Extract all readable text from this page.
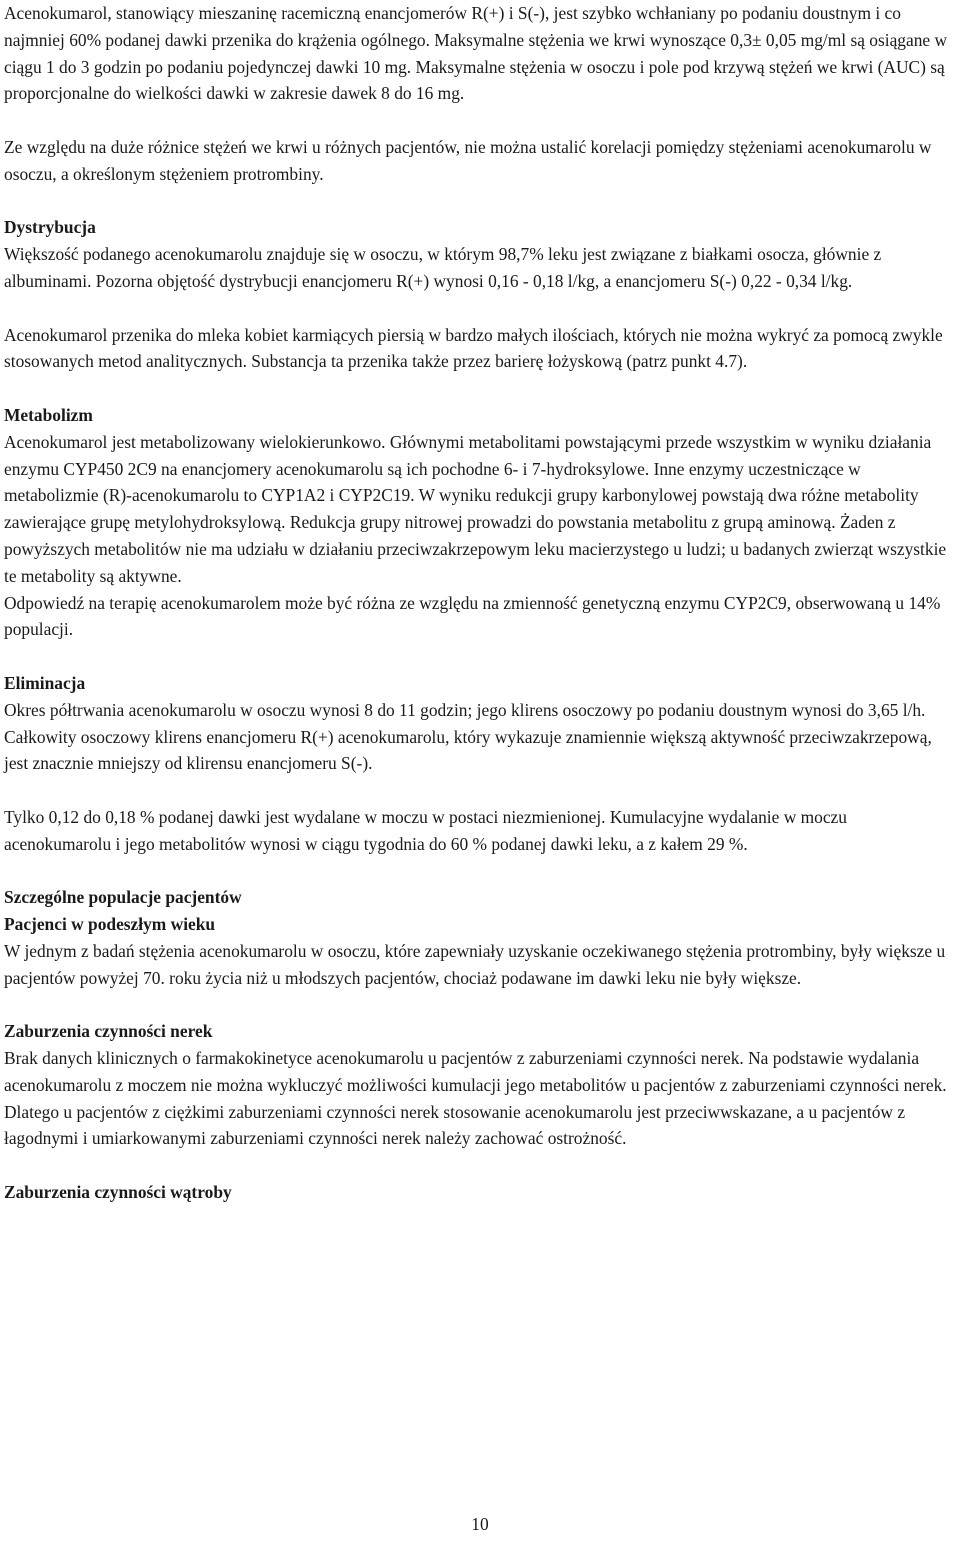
Acenokumarol, stanowiący mieszaninę racemiczną enancjomerów R(+) i S(-), jest szybko wchłaniany po podaniu doustnym i co najmniej 60% podanej dawki przenika do krążenia ogólnego. Maksymalne stężenia we krwi wynoszące 0,3± 0,05 mg/ml są osiągane w ciągu 1 do 3 godzin po podaniu pojedynczej dawki 10 mg. Maksymalne stężenia w osoczu i pole pod krzywą stężeń we krwi (AUC) są proporcjonalne do wielkości dawki w zakresie dawek 8 do 16 mg.

Ze względu na duże różnice stężeń we krwi u różnych pacjentów, nie można ustalić korelacji pomiędzy stężeniami acenokumarolu w osoczu, a określonym stężeniem protrombiny.

Dystrybucja

Większość podanego acenokumarolu znajduje się w osoczu, w którym 98,7% leku jest związane z białkami osocza, głównie z albuminami. Pozorna objętość dystrybucji enancjomeru R(+) wynosi 0,16 - 0,18 l/kg, a enancjomeru S(-) 0,22 - 0,34 l/kg.

Acenokumarol przenika do mleka kobiet karmiących piersią w bardzo małych ilościach, których nie można wykryć za pomocą zwykle stosowanych metod analitycznych. Substancja ta przenika także przez barierę łożyskową (patrz punkt 4.7).

Metabolizm

Acenokumarol jest metabolizowany wielokierunkowo. Głównymi metabolitami powstającymi przede wszystkim w wyniku działania enzymu CYP450 2C9 na enancjomery acenokumarolu są ich pochodne 6- i 7-hydroksylowe. Inne enzymy uczestniczące w metabolizmie (R)-acenokumarolu to CYP1A2 i CYP2C19. W wyniku redukcji grupy karbonylowej powstają dwa różne metabolity zawierające grupę metylohydroksylową. Redukcja grupy nitrowej prowadzi do powstania metabolitu z grupą aminową. Żaden z powyższych metabolitów nie ma udziału w działaniu przeciwzakrzepowym leku macierzystego u ludzi; u badanych zwierząt wszystkie te metabolity są aktywne.

Odpowiedź na terapię acenokumarolem może być różna ze względu na zmienność genetyczną enzymu CYP2C9, obserwowaną u 14% populacji.

Eliminacja

Okres półtrwania acenokumarolu w osoczu wynosi 8 do 11 godzin; jego klirens osoczowy po podaniu doustnym wynosi do 3,65 l/h. Całkowity osoczowy klirens enancjomeru R(+) acenokumarolu, który wykazuje znamiennie większą aktywność przeciwzakrzepową, jest znacznie mniejszy od klirensu enancjomeru S(-).

Tylko 0,12 do 0,18 % podanej dawki jest wydalane w moczu w postaci niezmienionej. Kumulacyjne wydalanie w moczu acenokumarolu i jego metabolitów wynosi w ciągu tygodnia do 60 % podanej dawki leku, a z kałem 29 %.

Szczególne populacje pacjentów
Pacjenci w podeszłym wieku

W jednym z badań stężenia acenokumarolu w osoczu, które zapewniały uzyskanie oczekiwanego stężenia protrombiny, były większe u pacjentów powyżej 70. roku życia niż u młodszych pacjentów, chociaż podawane im dawki leku nie były większe.

Zaburzenia czynności nerek

Brak danych klinicznych o farmakokinetyce acenokumarolu u pacjentów z zaburzeniami czynności nerek. Na podstawie wydalania acenokumarolu z moczem nie można wykluczyć możliwości kumulacji jego metabolitów u pacjentów z zaburzeniami czynności nerek. Dlatego u pacjentów z ciężkimi zaburzeniami czynności nerek stosowanie acenokumarolu jest przeciwwskazane, a u pacjentów z łagodnymi i umiarkowanymi zaburzeniami czynności nerek należy zachować ostrożność.

Zaburzenia czynności wątroby
10
